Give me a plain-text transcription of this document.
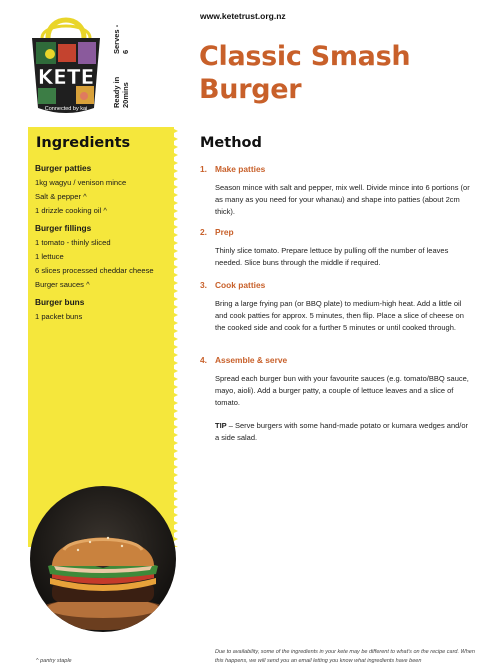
KETE
Connected by kai
Ready in 20mins
Serves - 6
www.ketetrust.org.nz
Classic Smash Burger
Ingredients
Burger patties
1kg wagyu / venison mince
Salt & pepper ^
1 drizzle cooking oil ^
Burger fillings
1 tomato - thinly sliced
1 lettuce
6 slices processed cheddar cheese
Burger sauces ^
Burger buns
1 packet buns
Method
1. Make patties
Season mince with salt and pepper, mix well. Divide mince into 6 portions (or as many as you need for your whanau) and shape into patties (about 2cm thick).
2. Prep
Thinly slice tomato. Prepare lettuce by pulling off the number of leaves needed. Slice buns through the middle if required.
3. Cook patties
Bring a large frying pan (or BBQ plate) to medium-high heat. Add a little oil and cook patties for approx. 5 minutes, then flip. Place a slice of cheese on the cooked side and cook for a further 5 minutes or until cooked through.
4. Assemble & serve
Spread each burger bun with your favourite sauces (e.g. tomato/BBQ sauce, mayo, aioli). Add a burger patty, a couple of lettuce leaves and a slice of tomato.
TIP – Serve burgers with some hand-made potato or kumara wedges and/or a side salad.
^ pantry staple
Due to availability, some of the ingredients in your kete may be different to what's on the recipe card. When this happens, we will send you an email letting you know what ingredients have been
